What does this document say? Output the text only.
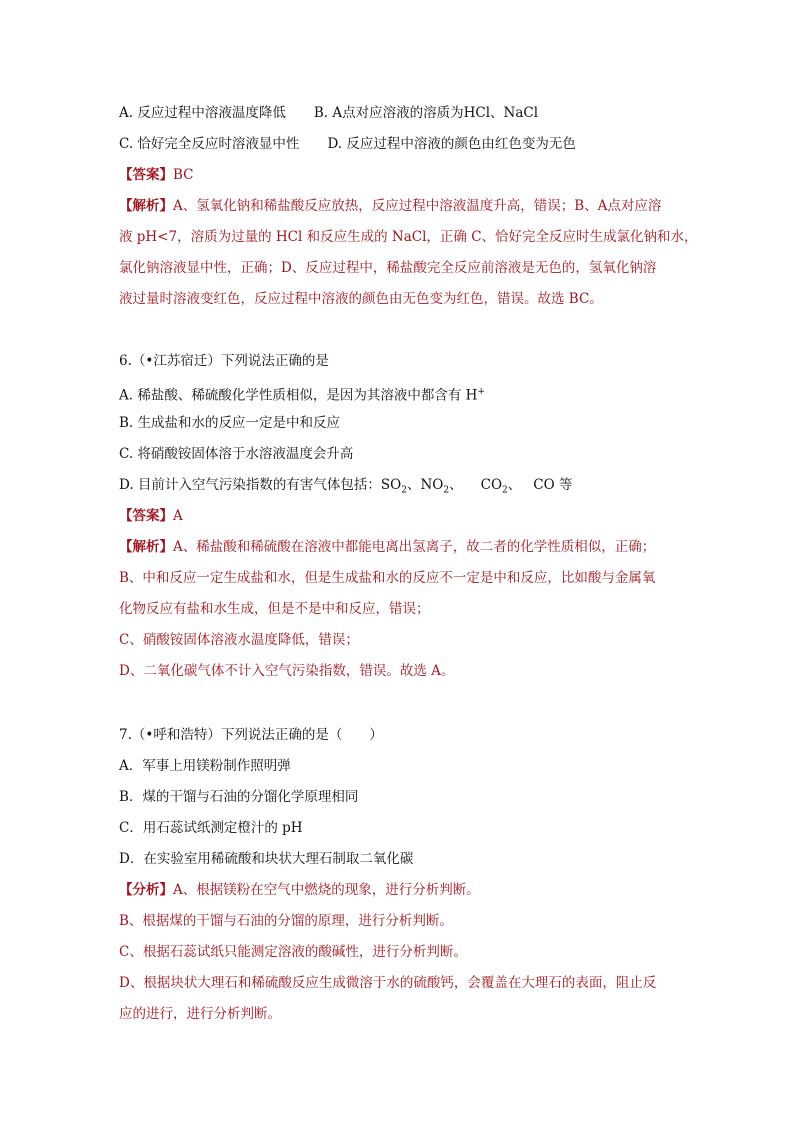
A. 反应过程中溶液温度降低 B. A点对应溶液的溶质为HCl、NaCl
C. 恰好完全反应时溶液显中性 D. 反应过程中溶液的颜色由红色变为无色
【答案】BC
【解析】A、氢氧化钠和稀盐酸反应放热，反应过程中溶液温度升高，错误；B、A点对应溶
液 pH<7，溶质为过量的 HCl 和反应生成的 NaCl，正确 C、恰好完全反应时生成氯化钠和水，
氯化钠溶液显中性，正确；D、反应过程中，稀盐酸完全反应前溶液是无色的，氢氧化钠溶
液过量时溶液变红色，反应过程中溶液的颜色由无色变为红色，错误。故选 BC。
6.（•江苏宿迁）下列说法正确的是
A. 稀盐酸、稀硫酸化学性质相似，是因为其溶液中都含有 H+
B. 生成盐和水的反应一定是中和反应
C. 将硝酸铵固体溶于水溶液温度会升高
D. 目前计入空气污染指数的有害气体包括：$SO_2$、$NO_2$、 $CO_2$、 CO 等
【答案】A
【解析】A、稀盐酸和稀硫酸在溶液中都能电离出氢离子，故二者的化学性质相似，正确；
B、中和反应一定生成盐和水，但是生成盐和水的反应不一定是中和反应，比如酸与金属氧
化物反应有盐和水生成，但是不是中和反应，错误；
C、硝酸铵固体溶液水温度降低，错误；
D、二氧化碳气体不计入空气污染指数，错误。故选 A。
7.（•呼和浩特）下列说法正确的是（　　）
A．军事上用镁粉制作照明弹
B．煤的干馏与石油的分馏化学原理相同
C．用石蕊试纸测定橙汁的 pH
D．在实验室用稀硫酸和块状大理石制取二氧化碳
【分析】A、根据镁粉在空气中燃烧的现象，进行分析判断。
B、根据煤的干馏与石油的分馏的原理，进行分析判断。
C、根据石蕊试纸只能测定溶液的酸碱性，进行分析判断。
D、根据块状大理石和稀硫酸反应生成微溶于水的硫酸钙，会覆盖在大理石的表面，阻止反
应的进行，进行分析判断。
